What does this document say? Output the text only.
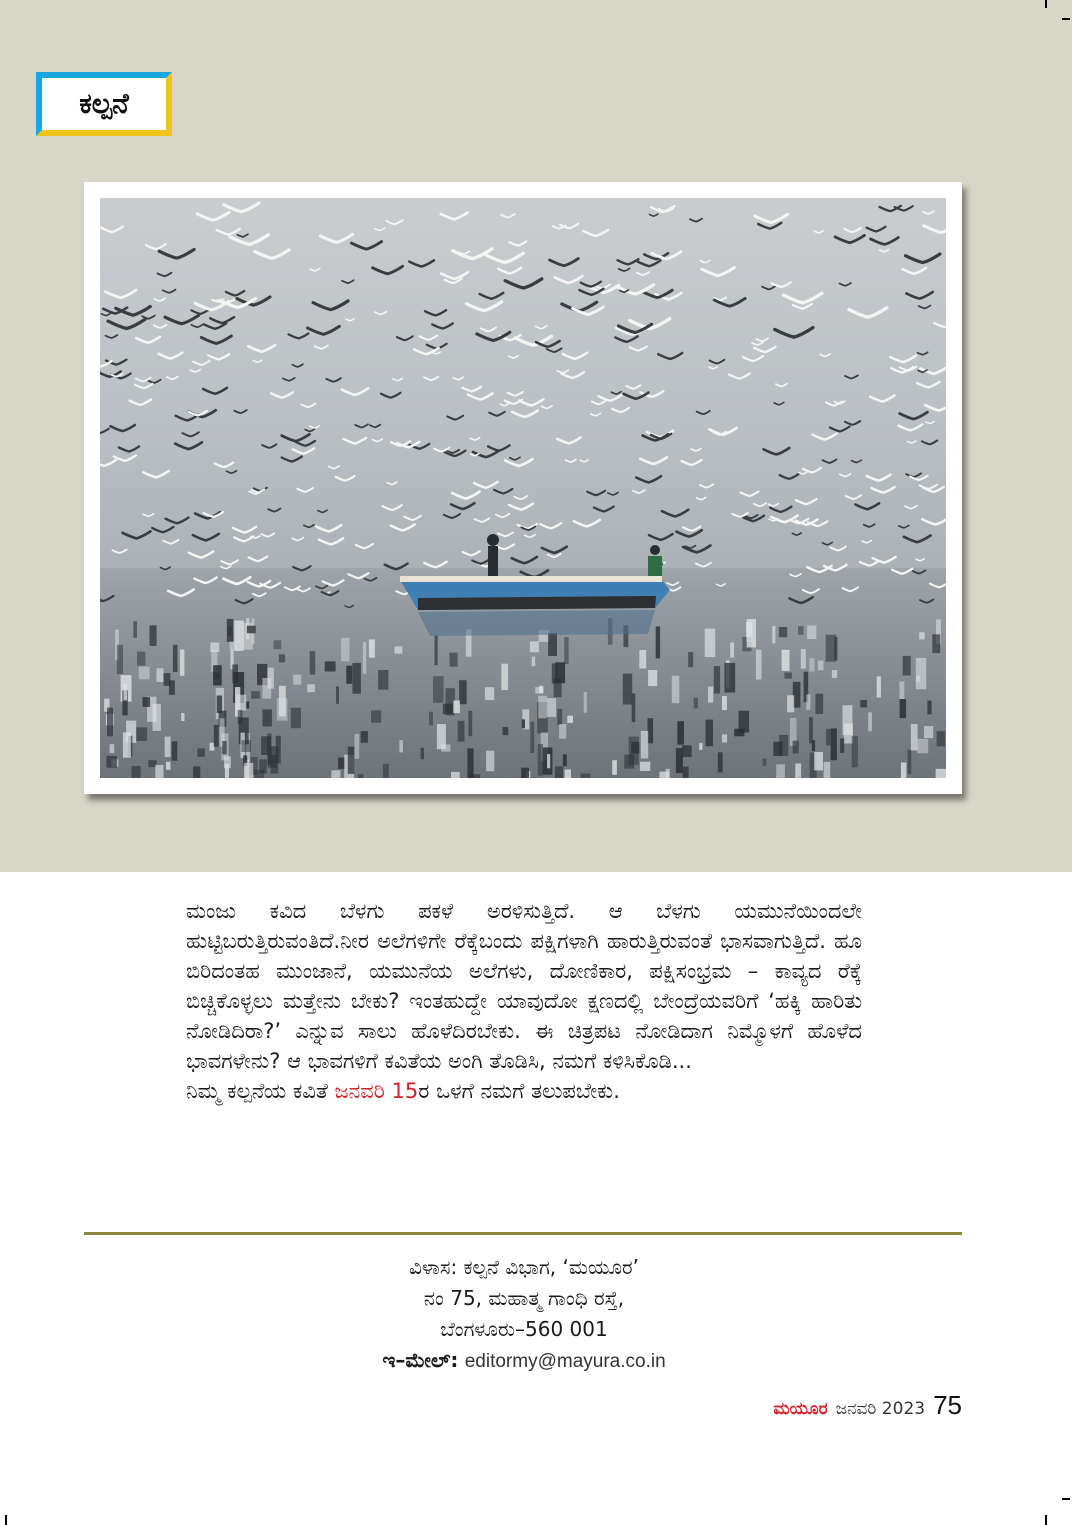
ಕಲ್ಪನೆ

ಮಂಜು ಕವಿದ ಬೆಳಗು ಪಕಳೆ ಅರಳಿಸುತ್ತಿದೆ. ಆ ಬೆಳಗು ಯಮುನೆಯಿಂದಲೇ ಹುಟ್ಟಿಬರುತ್ತಿರುವಂತಿದೆ.ನೀರ ಅಲೆಗಳಿಗೇ ರೆಕ್ಕೆಬಂದು ಪಕ್ಷಿಗಳಾಗಿ ಹಾರುತ್ತಿರುವಂತೆ ಭಾಸವಾಗುತ್ತಿದೆ. ಹೂ ಬಿರಿದಂತಹ ಮುಂಜಾನೆ, ಯಮುನೆಯ ಅಲೆಗಳು, ದೋಣಿಕಾರ, ಪಕ್ಷಿಸಂಭ್ರಮ – ಕಾವ್ಯದ ರೆಕ್ಕೆ ಬಿಚ್ಚಿಕೊಳ್ಳಲು ಮತ್ತೇನು ಬೇಕು? ಇಂತಹುದ್ದೇ ಯಾವುದೋ ಕ್ಷಣದಲ್ಲಿ ಬೇಂದ್ರೆಯವರಿಗೆ ‘ಹಕ್ಕಿ ಹಾರಿತು ನೋಡಿದಿರಾ?’ ಎನ್ನುವ ಸಾಲು ಹೊಳೆದಿರಬೇಕು. ಈ ಚಿತ್ರಪಟ ನೋಡಿದಾಗ ನಿಮ್ಮೊಳಗೆ ಹೊಳೆದ ಭಾವಗಳೇನು? ಆ ಭಾವಗಳಿಗೆ ಕವಿತೆಯ ಅಂಗಿ ತೊಡಿಸಿ, ನಮಗೆ ಕಳಿಸಿಕೊಡಿ...

ನಿಮ್ಮ ಕಲ್ಪನೆಯ ಕವಿತೆ ಜನವರಿ 15ರ ಒಳಗೆ ನಮಗೆ ತಲುಪಬೇಕು.

ವಿಳಾಸ: ಕಲ್ಪನೆ ವಿಭಾಗ, ‘ಮಯೂರ’
ನಂ 75, ಮಹಾತ್ಮ ಗಾಂಧಿ ರಸ್ತೆ,
ಬೆಂಗಳೂರು–560 001
ಇ–ಮೇಲ್: editormy@mayura.co.in
ಮಯೂರ ಜನವರಿ 2023 75
